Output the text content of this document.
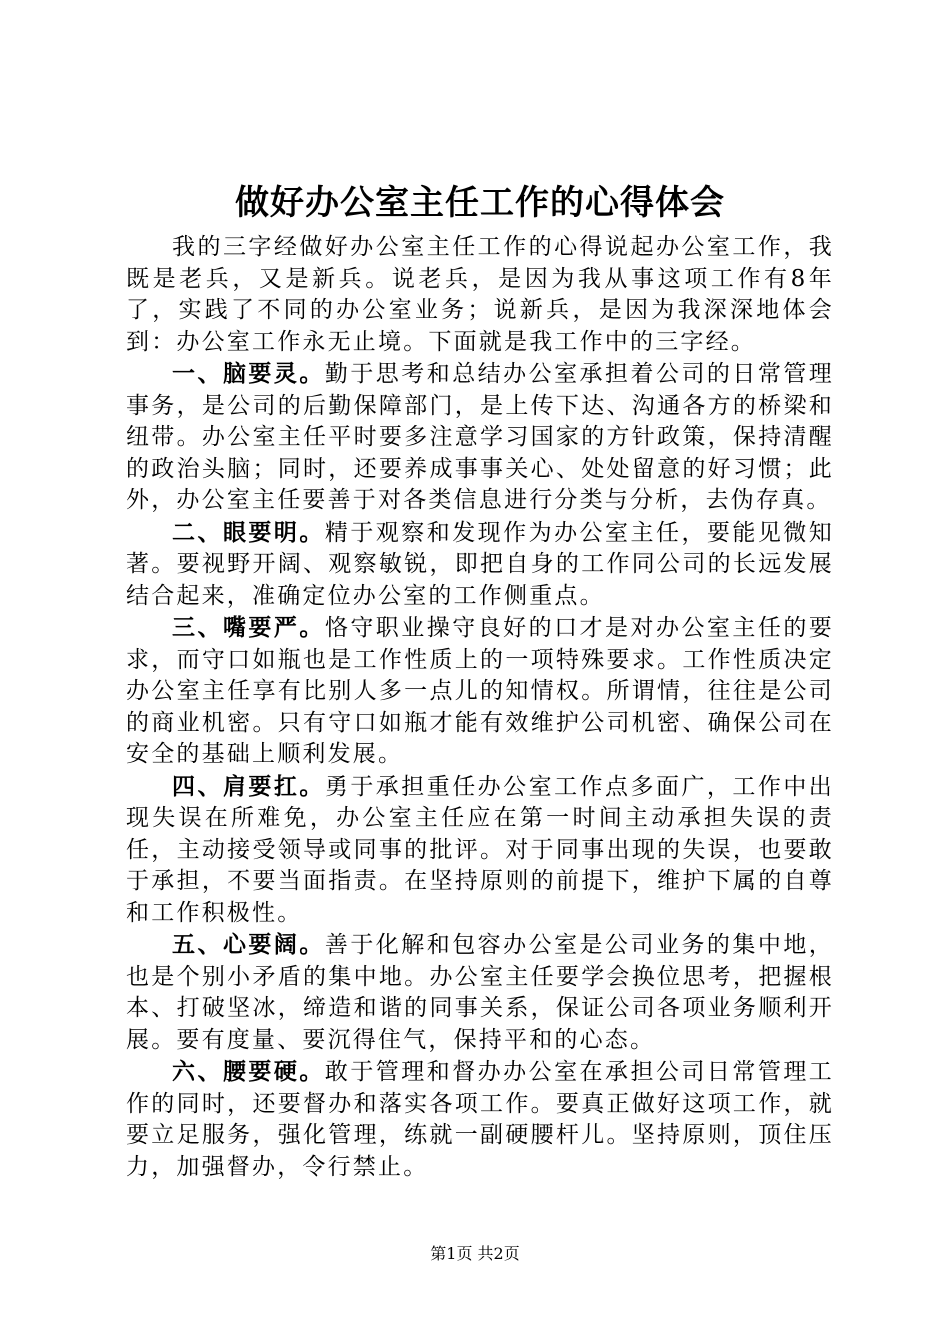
做好办公室主任工作的心得体会

我的三字经做好办公室主任工作的心得说起办公室工作，我既是老兵，又是新兵。说老兵，是因为我从事这项工作有8年了，实践了不同的办公室业务；说新兵，是因为我深深地体会到：办公室工作永无止境。下面就是我工作中的三字经。

一、脑要灵。勤于思考和总结办公室承担着公司的日常管理事务，是公司的后勤保障部门，是上传下达、沟通各方的桥梁和纽带。办公室主任平时要多注意学习国家的方针政策，保持清醒的政治头脑；同时，还要养成事事关心、处处留意的好习惯；此外，办公室主任要善于对各类信息进行分类与分析，去伪存真。

二、眼要明。精于观察和发现作为办公室主任，要能见微知著。要视野开阔、观察敏锐，即把自身的工作同公司的长远发展结合起来，准确定位办公室的工作侧重点。

三、嘴要严。恪守职业操守良好的口才是对办公室主任的要求，而守口如瓶也是工作性质上的一项特殊要求。工作性质决定办公室主任享有比别人多一点儿的知情权。所谓情，往往是公司的商业机密。只有守口如瓶才能有效维护公司机密、确保公司在安全的基础上顺利发展。

四、肩要扛。勇于承担重任办公室工作点多面广，工作中出现失误在所难免，办公室主任应在第一时间主动承担失误的责任，主动接受领导或同事的批评。对于同事出现的失误，也要敢于承担，不要当面指责。在坚持原则的前提下，维护下属的自尊和工作积极性。

五、心要阔。善于化解和包容办公室是公司业务的集中地，也是个别小矛盾的集中地。办公室主任要学会换位思考，把握根本、打破坚冰，缔造和谐的同事关系，保证公司各项业务顺利开展。要有度量、要沉得住气，保持平和的心态。

六、腰要硬。敢于管理和督办办公室在承担公司日常管理工作的同时，还要督办和落实各项工作。要真正做好这项工作，就要立足服务，强化管理，练就一副硬腰杆儿。坚持原则，顶住压力，加强督办，令行禁止。

第1页 共2页
